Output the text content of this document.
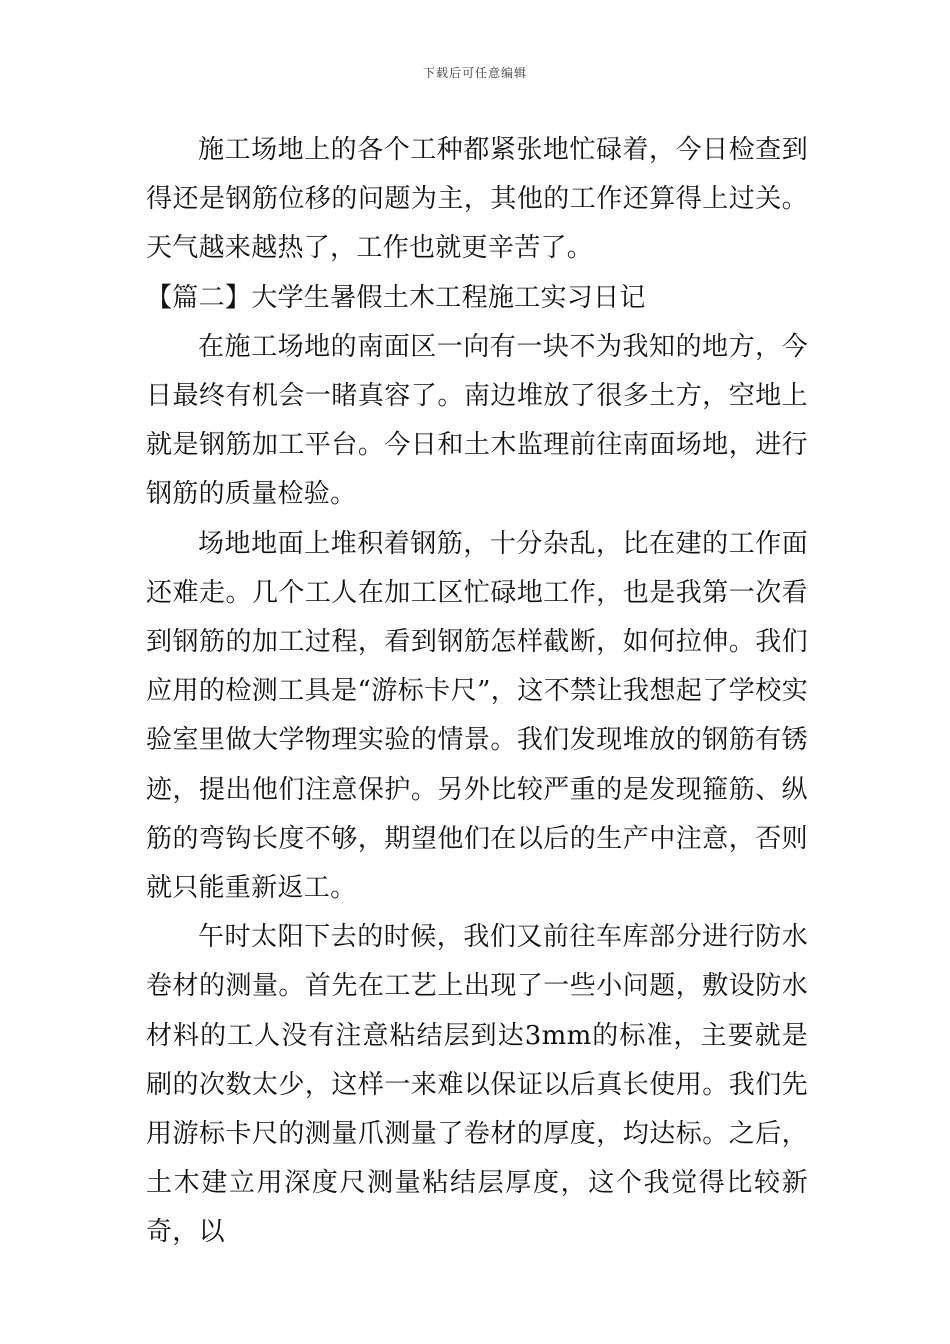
下载后可任意编辑

施工场地上的各个工种都紧张地忙碌着，今日检查到得还是钢筋位移的问题为主，其他的工作还算得上过关。天气越来越热了，工作也就更辛苦了。

【篇二】大学生暑假土木工程施工实习日记

在施工场地的南面区一向有一块不为我知的地方，今日最终有机会一睹真容了。南边堆放了很多土方，空地上就是钢筋加工平台。今日和土木监理前往南面场地，进行钢筋的质量检验。

场地地面上堆积着钢筋，十分杂乱，比在建的工作面还难走。几个工人在加工区忙碌地工作，也是我第一次看到钢筋的加工过程，看到钢筋怎样截断，如何拉伸。我们应用的检测工具是“游标卡尺”，这不禁让我想起了学校实验室里做大学物理实验的情景。我们发现堆放的钢筋有锈迹，提出他们注意保护。另外比较严重的是发现箍筋、纵筋的弯钩长度不够，期望他们在以后的生产中注意，否则就只能重新返工。

午时太阳下去的时候，我们又前往车库部分进行防水卷材的测量。首先在工艺上出现了一些小问题，敷设防水材料的工人没有注意粘结层到达3mm的标准，主要就是刷的次数太少，这样一来难以保证以后真长使用。我们先用游标卡尺的测量爪测量了卷材的厚度，均达标。之后，土木建立用深度尺测量粘结层厚度，这个我觉得比较新奇，以
